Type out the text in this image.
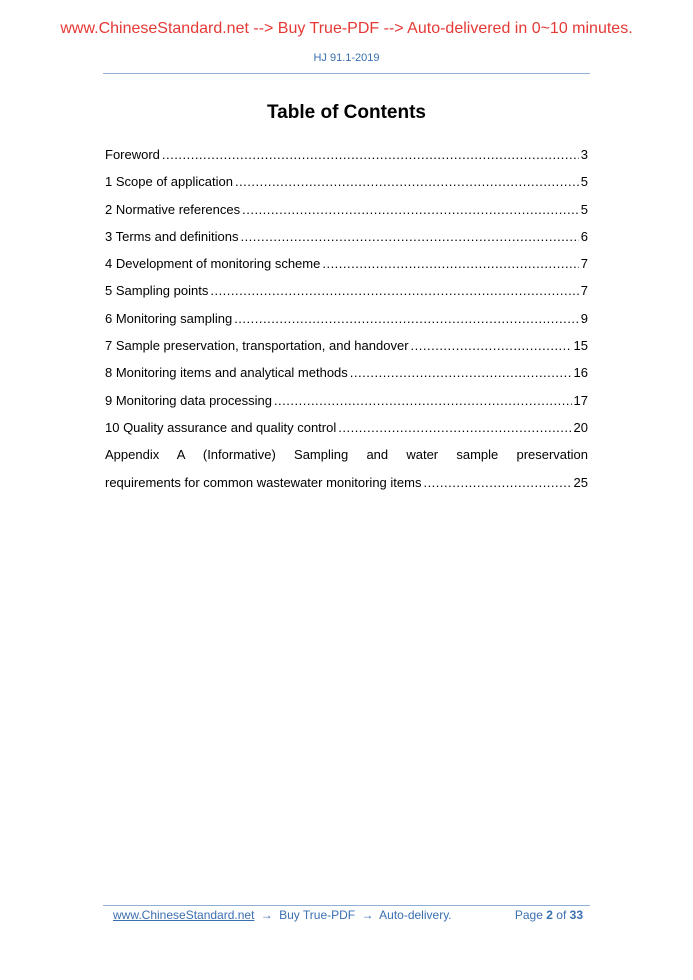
www.ChineseStandard.net --> Buy True-PDF --> Auto-delivered in 0~10 minutes.
HJ 91.1-2019
Table of Contents
Foreword .....	3
1 Scope of application .....	5
2 Normative references .....	5
3 Terms and definitions .....	6
4 Development of monitoring scheme .....	7
5 Sampling points .....	7
6 Monitoring sampling .....	9
7 Sample preservation, transportation, and handover .....	15
8 Monitoring items and analytical methods .....	16
9 Monitoring data processing .....	17
10 Quality assurance and quality control .....	20
Appendix A (Informative) Sampling and water sample preservation
requirements for common wastewater monitoring items .....	25
www.ChineseStandard.net → Buy True-PDF → Auto-delivery.	Page 2 of 33
